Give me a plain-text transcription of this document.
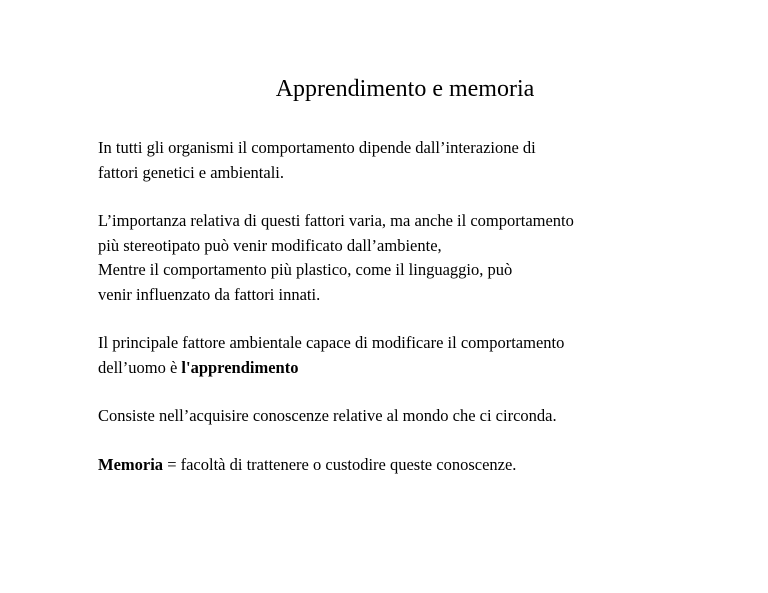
Apprendimento e memoria
In tutti gli organismi il comportamento dipende dall’interazione di
fattori genetici e ambientali.
L’importanza relativa di questi fattori varia, ma anche il comportamento
più stereotipato può venir modificato dall’ambiente,
Mentre il comportamento più plastico, come il linguaggio, può
venir influenzato da fattori innati.
Il principale fattore ambientale capace di modificare il comportamento
dell’uomo è l'apprendimento
Consiste nell’acquisire conoscenze relative al mondo che ci circonda.
Memoria = facoltà di trattenere o custodire queste conoscenze.
